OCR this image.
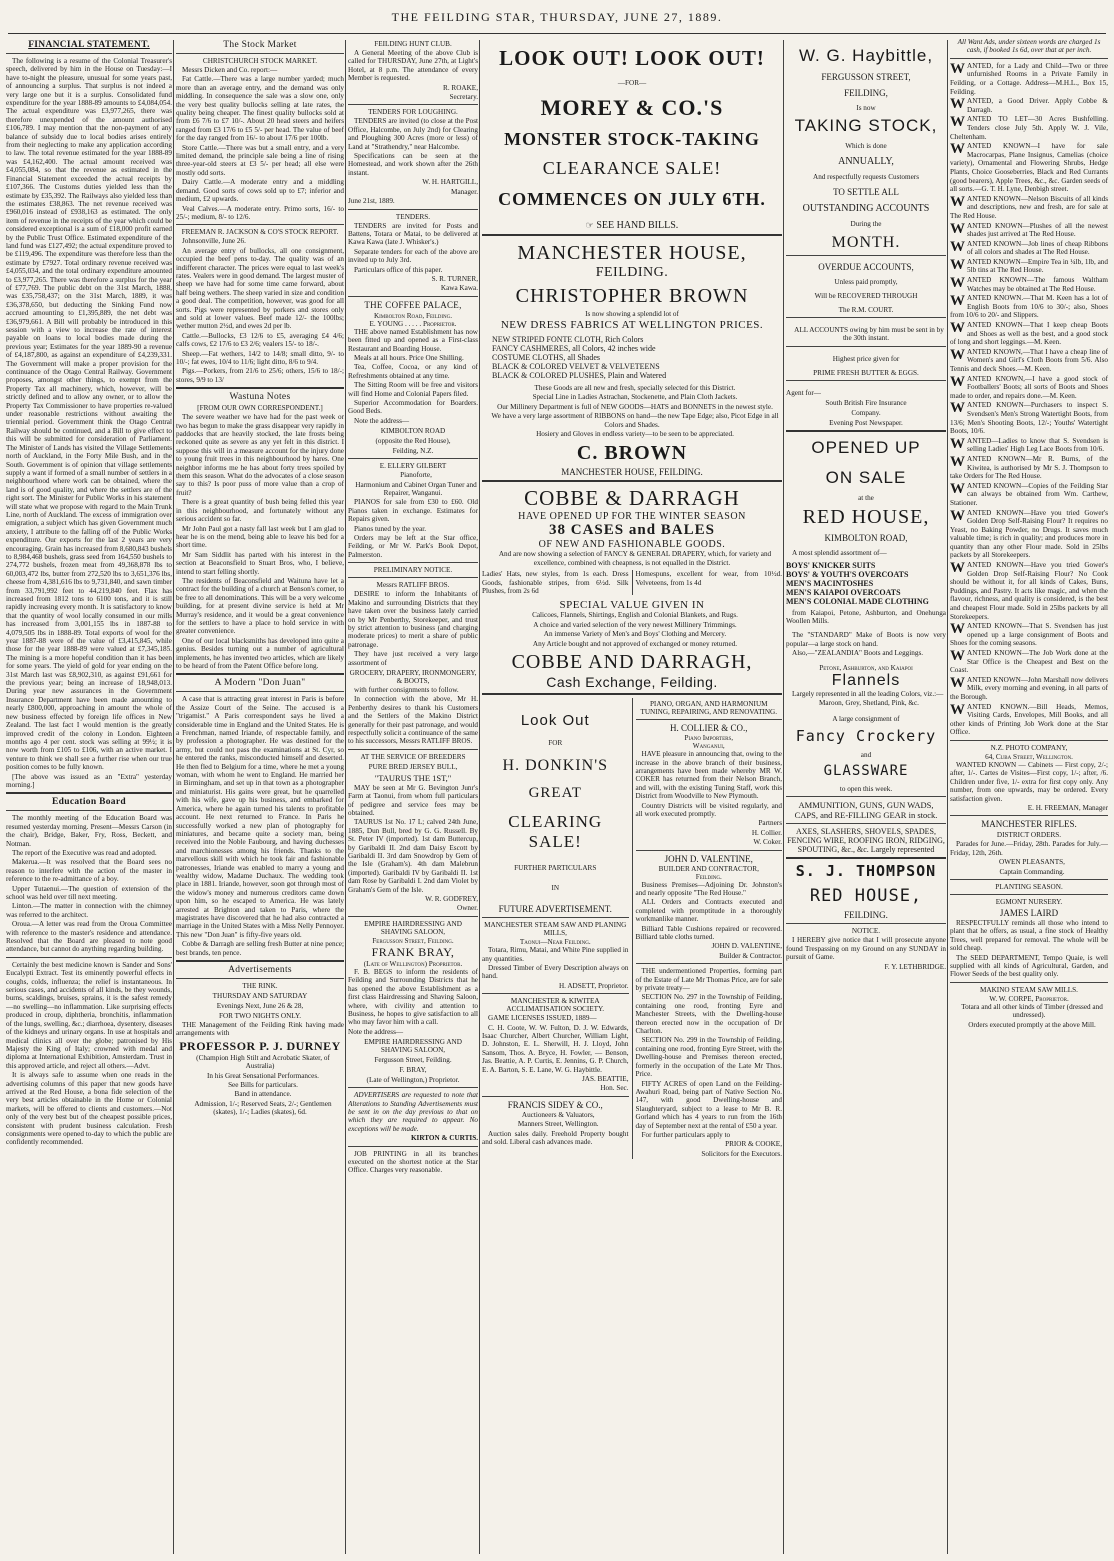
THE FEILDING STAR, THURSDAY, JUNE 27, 1889.
FINANCIAL STATEMENT.
The following is a resume of the Colonial Treasurer's speech, delivered by him in the House on Tuesday:—I have to-night the pleasure, unusual for some years past, of announcing a surplus. That surplus is not indeed a very large one but it is a surplus. Consolidated fund expenditure for the year 1888-89 amounts to £4,084,054. The actual expenditure was £3,977,265, there was therefore unexpended of the amount authorised £106,789. I may mention that the non-payment of any balance of subsidy due to local bodies arises entirely from their neglecting to make any application according to law. The total revenue estimated for the year 1888-89 was £4,162,400. The actual amount received was £4,055,084, so that the revenue as estimated in the Financial Statement exceeded the actual receipts by £107,366. The Customs duties yielded less than the estimate by £35,392. The Railways also yielded less than the estimates £38,863. The net revenue received was £960,016 instead of £938,163 as estimated. The only item of revenue in the receipts of the year which could be considered exceptional is a sum of £18,000 profit earned by the Public Trust Office. Estimated expenditure of the land fund was £127,492; the actual expenditure proved to be £119,496. The expenditure was therefore less than the estimate by £7927. Total ordinary revenue received was £4,055,034, and the total ordinary expenditure amounted to £3,977,265. There was therefore a surplus for the year of £77,769. The public debt on the 31st March, 1888, was £35,758,437; on the 31st March, 1889, it was £36,378,650, but deducting the Sinking Fund now accrued amounting to £1,395,889, the net debt was £36,979,661. A Bill will probably be introduced in this session with a view to increase the rate of interest payable on loans to local bodies made during the previous year; Estimates for the year 1889-90 a revenue of £4,187,800, as against an expenditure of £4,239,331. The Government will make a proper provision for the continuance of the Otago Central Railway. Government proposes, amongst other things, to exempt from the Property Tax all machinery, which, however, will be strictly defined and to allow any owner, or to allow the Property Tax Commissioner to have properties re-valued under reasonable restrictions without awaiting the triennial period. Government think the Otago Central Railway should be continued, and a Bill to give effect to this will be submitted for consideration of Parliament. The Minister of Lands has visited the Village Settlements north of Auckland, in the Forty Mile Bush, and in the South. Government is of opinion that village settlements supply a want if formed of a small number of settlers in a neighbourhood where work can be obtained, where the land is of good quality, and where the settlers are of the right sort. The Minister for Public Works in his statement will state what we propose with regard to the Main Trunk Line, north of Auckland. The excess of immigration over emigration, a subject which has given Government much anxiety, I attribute to the falling off of the Public Works expenditure. Our exports for the last 2 years are very encouraging. Grain has increased from 8,680,843 bushels to 8,984,468 bushels, grass seed from 164,550 bushels to 274,772 bushels, frozen meat from 49,368,878 lbs to 60,003,472 lbs, butter from 272,520 lbs to 3,651,376 lbs, cheese from 4,381,616 lbs to 9,731,840, and sawn timber from 33,791,992 feet to 44,219,840 feet. Flax has increased from 1812 tons to 6100 tons, and it is still rapidly increasing every month. It is satisfactory to know that the quantity of wool locally consumed in our mills has increased from 3,001,155 lbs in 1887-88 to 4,079,505 lbs in 1888-89. Total exports of wool for the year 1887-88 were of the value of £3,415,845, while those for the year 1888-89 were valued at £7,345,185. The mining is a more hopeful condition than it has been for some years. The yield of gold for year ending on the 31st March last was £8,902,310, as against £91,661 for the previous year; being an increase of 18,948,013. During year new assurances in the Government Insurance Department have been made amounting to nearly £800,000, approaching in amount the whole of new business effected by foreign life offices in New Zealand. The last fact I would mention is the greatly improved credit of the colony in London. Eighteen months ago 4 per cent. stock was selling at 99½; it is now worth from £105 to £106, with an active market. I venture to think we shall see a further rise when our true position comes to be fully known.
[The above was issued as an "Extra" yesterday morning.]
Education Board
The monthly meeting of the Education Board was resumed yesterday morning. Present—Messrs Carson (in the chair), Bridge, Baker, Fry, Ross, Beckett, and Notman.
The report of the Executive was read and adopted.
Makerua.—It was resolved that the Board sees no reason to interfere with the action of the master in reference to the re-admittance of a boy.
Upper Tutaenui.—The question of extension of the school was held over till next meeting.
Linton.—The matter in connection with the chimney was referred to the architect.
Oroua.—A letter was read from the Oroua Committee with reference to the master's residence and attendance. Resolved that the Board are pleased to note good attendance, but cannot do anything regarding building.
Certainly the best medicine known is Sander and Sons' Eucalypti Extract. Test its eminently powerful effects in coughs, colds, influenza; the relief is instantaneous. In serious cases, and accidents of all kinds, be they wounds, burns, scaldings, bruises, sprains, it is the safest remedy—no swelling—no inflammation. Like surprising effects produced in croup, diphtheria, bronchitis, inflammation of the lungs, swelling, &c.; diarrhoea, dysentery, diseases of the kidneys and urinary organs. In use at hospitals and medical clinics all over the globe; patronised by His Majesty the King of Italy; crowned with medal and diploma at International Exhibition, Amsterdam. Trust in this approved article, and reject all others.—Advt.
It is always safe to assume when one reads in the advertising columns of this paper that new goods have arrived at the Red House, a bona fide selection of the very best articles obtainable in the Home or Colonial markets, will be offered to clients and customers.—Not only of the very best but of the cheapest possible prices, consistent with prudent business calculation. Fresh consignments were opened to-day to which the public are confidently recommended.
The Stock Market
CHRISTCHURCH STOCK MARKET.
Messrs Dicken and Co. report:—
Fat Cattle.—There was a large number yarded; much more than an average entry, and the demand was only middling. In consequence the sale was a slow one, only the very best quality bullocks selling at late rates, the quality being cheaper. The finest quality bullocks sold at from £6 7/6 to £7 10/-. About 20 head steers and heifers ranged from £3 17/6 to £5 5/- per head. The value of beef for the day ranged from 16/- to about 17/6 per 100lb.
Store Cattle.—There was but a small entry, and a very limited demand, the principle sale being a line of rising three-year-old steers at £3 5/- per head; all else were mostly odd sorts.
Dairy Cattle.—A moderate entry and a middling demand. Good sorts of cows sold up to £7; inferior and medium, £2 upwards.
Veal Calves.—A moderate entry. Primo sorts, 16/- to 25/-; medium, 8/- to 12/6.
FREEMAN R. JACKSON & CO'S STOCK REPORT.
Johnsonville, June 26.
An average entry of bullocks, all one consignment, occupied the beef pens to-day. The quality was of an indifferent character. The prices were equal to last week's rates. Vealers were in good demand. The largest muster of sheep we have had for some time came forward, about half being wethers. The sheep varied in size and condition a good deal. The competition, however, was good for all sorts. Pigs were represented by porkers and stores only and sold at lower values. Beef made 12/- the 100lbs; wether mutton 2½d, and ewes 2d per lb.
Cattle.—Bullocks, £3 12/6 to £5, averaging £4 4/6; calfs cows, £2 17/6 to £3 2/6; vealers 15/- to 18/-.
Sheep.—Fat wethers, 14/2 to 14/8; small ditto, 9/- to 10/-; fat ewes, 10/4 to 11/6; light ditto, 8/6 to 9/4.
Pigs.—Porkers, from 21/6 to 25/6; others, 15/6 to 18/-; stores, 9/9 to 13/
Wastuna Notes
[FROM OUR OWN CORRESPONDENT.]
The severe weather we have had for the past week or two has begun to make the grass disappear very rapidly in paddocks that are heavily stocked, the late frosts being reckoned quite as severe as any yet felt in this district. I suppose this will in a measure account for the injury done to young fruit trees in this neighbourhood by hares. One neighbor informs me he has about forty trees spoiled by them this season. What do the advocates of a close season say to this? Is poor puss of more value than a crop of fruit?
There is a great quantity of bush being felled this year in this neighbourhood, and fortunately without any serious accident so far.
Mr John Paul got a nasty fall last week but I am glad to hear he is on the mend, being able to leave his bed for a short time.
Mr Sam Siddlit has parted with his interest in the section at Beaconsfield to Stuart Bros, who, I believe, intend to start felling shortly.
The residents of Beaconsfield and Waituna have let a contract for the building of a church at Benson's corner, to be free to all denominations. This will be a very welcome building, for at present divine service is held at Mr Murray's residence, and it would be a great convenience for the settlers to have a place to hold service in with greater convenience.
One of our local blacksmiths has developed into quite a genius. Besides turning out a number of agricultural implements, he has invented two articles, which are likely to be heard of from the Patent Office before long.
A Modern "Don Juan"
A case that is attracting great interest in Paris is before the Assize Court of the Seine. The accused is a "trigamist." A Paris correspondent says he lived a considerable time in England and the United States. He is a Frenchman, named Iriande, of respectable family, and by profession a photographer. He was destined for the army, but could not pass the examinations at St. Cyr, so he entered the ranks, misconducted himself and deserted. He then fled to Belgium for a time, where he met a young woman, with whom he went to England. He married her in Birmingham, and set up in that town as a photographer and miniaturist. His gains were great, but he quarrelled with his wife, gave up his business, and embarked for America, where he again turned his talents to profitable account. He next returned to France. In Paris he successfully worked a new plan of photography for miniatures, and became quite a society man, being received into the Noble Faubourg, and having duchesses and marchionesses among his friends. Thanks to the marvellous skill with which he took fair and fashionable patronesses, Iriande was enabled to marry a young and wealthy widow, Madame Duchaux. The wedding took place in 1881. Iriande, however, soon got through most of the widow's money and numerous creditors came down upon him, so he escaped to America. He was lately arrested at Brighton and taken to Paris, where the magistrates have discovered that he had also contracted a marriage in the United States with a Miss Nelly Pennoyer. This new "Don Juan" is fifty-five years old.
Cobbe & Darragh are selling fresh Butter at nine pence; best brands, ten pence.
Advertisements
THE RINK.
THURSDAY AND SATURDAY
Evenings Next, June 26 & 28,
FOR TWO NIGHTS ONLY.
THE Management of the Feilding Rink having made arrangements with
PROFESSOR P. J. DURNEY
(Champion High Stilt and Acrobatic Skater, of Australia)
In his Great Sensational Performances.
See Bills for particulars.
Band in attendance.
Admission, 1/-; Reserved Seats, 2/-; Gentlemen (skates), 1/-; Ladies (skates), 6d.
FEILDING HUNT CLUB.
A General Meeting of the above Club is called for THURSDAY, June 27th, at Light's Hotel, at 8 p.m. The attendance of every Member is requested.
R. ROAKE,
Secretary.
TENDERS FOR LOUGHING.
TENDERS are invited (to close at the Post Office, Halcombe, on July 2nd) for Clearing and Ploughing 300 Acres (more or less) of Land at "Strathendry," near Halcombe.
Specifications can be seen at the Homestead, and work shown after the 26th instant.
W. H. HARTGILL,
Manager.
June 21st, 1889.
TENDERS.
TENDERS are invited for Posts and Battens, Totara or Matai, to be delivered at Kawa Kawa (late J. Whisker's.)
Separate tenders for each of the above are invited up to July 3rd.
Particulars office of this paper.
S. R. TURNER,
Kawa Kawa.
THE COFFEE PALACE,
Kimbolton Road, Feilding.
E. YOUNG . . . . . Proprietor.
THE above named Establishment has now been fitted up and opened as a First-class Restaurant and Boarding House.
Meals at all hours. Price One Shilling.
Tea, Coffee, Cocoa, or any kind of Refreshments obtained at any time.
The Sitting Room will be free and visitors will find Home and Colonial Papers filed.
Superior Accommodation for Boarders. Good Beds.
Note the address—
KIMBOLTON ROAD
(opposite the Red House),
Feilding, N.Z.
E. ELLERY GILBERT
Pianoforte,
Harmonium and Cabinet Organ Tuner and Repairer, Wanganui.
PIANOS for sale from £30 to £60. Old Pianos taken in exchange. Estimates for Repairs given.
Pianos tuned by the year.
Orders may be left at the Star office, Feilding, or Mr W. Park's Book Depot, Palmerston.
PRELIMINARY NOTICE.
Messrs RATLIFF BROS.
DESIRE to inform the Inhabitants of Makino and surrounding Districts that they have taken over the business lately carried on by Mr Penberthy, Storekeeper, and trust by strict attention to business (and charging moderate prices) to merit a share of public patronage.
They have just received a very large assortment of
GROCERY, DRAPERY, IRONMONGERY, & BOOTS,
with further consignments to follow.
In connection with the above, Mr H. Penberthy desires to thank his Customers and the Settlers of the Makino District generally for their past patronage, and would respectfully solicit a continuance of the same to his successors, Messrs RATLIFF BROS.
AT THE SERVICE OF BREEDERS
PURE BRED JERSEY BULL,
"TAURUS THE 1ST,"
MAY be seen at Mr G. Bevington Junr's Farm at Taonui, from whom full particulars of pedigree and service fees may be obtained.
TAURUS 1st No. 17 L; calved 24th June, 1885, Dun Bull, bred by G. G. Russell. By St. Peter IV (imported). 1st dam Buttercup, by Garibaldi II. 2nd dam Daisy Escott by Garibaldi II. 3rd dam Snowdrop by Gem of the Isle (Graham's). 4th dam Malebrun (imported). Garibaldi IV by Garibaldi II. 1st dam Rose by Garibaldi I. 2nd dam Violet by Graham's Gem of the Isle.
W. R. GODFREY,
Owner.
EMPIRE HAIRDRESSING AND SHAVING SALOON,
Fergusson Street, Feilding.
FRANK BRAY,
(Late of Wellington) Proprietor.
F. B. BEGS to inform the residents of Feilding and Surrounding Districts that he has opened the above Establishment as a first class Hairdressing and Shaving Saloon, where, with civility and attention to Business, he hopes to give satisfaction to all who may favor him with a call.
Note the address—
EMPIRE HAIRDRESSING AND SHAVING SALOON,
Fergusson Street, Feilding.
F. BRAY,
(Late of Wellington,) Proprietor.
ADVERTISERS are requested to note that Alterations to Standing Advertisements must be sent in on the day previous to that on which they are required to appear. No exceptions will be made.
KIRTON & CURTIS.
JOB PRINTING in all its branches executed on the shortest notice at the Star Office. Charges very reasonable.
LOOK OUT! LOOK OUT!
—FOR—
MOREY & CO.'S
MONSTER STOCK-TAKING
CLEARANCE SALE!
COMMENCES ON JULY 6TH.
☞ SEE HAND BILLS.
MANCHESTER HOUSE,
FEILDING.
CHRISTOPHER BROWN
Is now showing a splendid lot of
NEW DRESS FABRICS AT WELLINGTON PRICES.
NEW STRIPED FONTE CLOTH, Rich Colors
FANCY CASHMERES, all Colors, 42 inches wide
COSTUME CLOTHS, all Shades
BLACK & COLORED VELVET & VELVETEENS
BLACK & COLORED PLUSHES, Plain and Watered
These Goods are all new and fresh, specially selected for this District.
Special Line in Ladies Astrachan, Stockenette, and Plain Cloth Jackets.
Our Millinery Department is full of NEW GOODS—HATS and BONNETS in the newest style.
We have a very large assortment of RIBBONS on hand—the new Tape Edge; also, Picot Edge in all Colors and Shades.
Hosiery and Gloves in endless variety—to be seen to be appreciated.
C. BROWN
MANCHESTER HOUSE, FEILDING.
COBBE & DARRAGH
HAVE OPENED UP FOR THE WINTER SEASON
38 CASES and BALES
OF NEW AND FASHIONABLE GOODS.
And are now showing a selection of FANCY & GENERAL DRAPERY, which, for variety and excellence, combined with cheapness, is not equalled in the District.
Ladies' Hats, new styles, from 1s each. Dress Goods, fashionable stripes, from 6½d. Silk Plushes, from 2s 6d
Homespuns, excellent for wear, from 10½d. Velveteens, from 1s 4d
SPECIAL VALUE GIVEN IN
Calicoes, Flannels, Shirtings, English and Colonial Blankets, and Rugs.
A choice and varied selection of the very newest Millinery Trimmings.
An immense Variety of Men's and Boys' Clothing and Mercery.
Any Article bought and not approved of exchanged or money returned.
COBBE AND DARRAGH,
Cash Exchange, Feilding.
Look Out
FOR
H. DONKIN'S
GREAT
CLEARING SALE!
FURTHER PARTICULARS
IN
FUTURE ADVERTISEMENT.
MANCHESTER STEAM SAW AND PLANING MILLS,
Taonui—Near Feilding.
Totara, Rimu, Matai, and White Pine supplied in any quantities.
Dressed Timber of Every Description always on hand.
H. ADSETT, Proprietor.
MANCHESTER & KIWITEA ACCLIMATISATION SOCIETY.
GAME LICENSES ISSUED, 1889—
C. H. Coote, W. W. Fulton, D. J. W. Edwards, Isaac Churcher, Albert Churcher, William Light, D. Johnston, E. L. Sherwill, H. J. Lloyd, John Sansom, Thos. A. Bryce, H. Fowler, — Benson, Jas. Beattie, A. P. Curtis, E. Jennins, G. P. Church, E. A. Barton, S. E. Lane, W. G. Haybittle.
JAS. BEATTIE,
Hon. Sec.
FRANCIS SIDEY & CO.,
Auctioneers & Valuators,
Manners Street, Wellington.
Auction sales daily. Freehold Property bought and sold. Liberal cash advances made.
PIANO, ORGAN, AND HARMONIUM TUNING, REPAIRING, AND RENOVATING.
H. COLLIER & CO.,
Piano Importers,
Wanganui,
HAVE pleasure in announcing that, owing to the increase in the above branch of their business, arrangements have been made whereby MR W. COKER has returned from their Nelson Branch, and will, with the existing Tuning Staff, work this District from Woodville to New Plymouth.
Country Districts will be visited regularly, and all work executed promptly.
Partners
H. Collier.
W. Coker.
JOHN D. VALENTINE,
BUILDER AND CONTRACTOR,
Feilding.
Business Premises—Adjoining Dr. Johnston's and nearly opposite "The Red House."
ALL Orders and Contracts executed and completed with promptitude in a thoroughly workmanlike manner.
Billiard Table Cushions repaired or recovered. Billiard table cloths turned.
JOHN D. VALENTINE,
Builder & Contractor.
THE undermentioned Properties, forming part of the Estate of Late Mr Thomas Price, are for sale by private treaty—
SECTION No. 297 in the Township of Feilding, containing one rood, fronting Eyre and Manchester Streets, with the Dwelling-house thereon erected now in the occupation of Dr Charlton.
SECTION No. 299 in the Township of Feilding, containing one rood, fronting Eyre Street, with the Dwelling-house and Premises thereon erected, formerly in the occupation of the Late Mr Thos. Price.
FIFTY ACRES of open Land on the Feilding-Awahuri Road, being part of Native Section No. 147, with good Dwelling-house and Slaughteryard, subject to a lease to Mr B. R. Gorland which has 4 years to run from the 16th day of September next at the rental of £50 a year.
For further particulars apply to
PRIOR & COOKE,
Solicitors for the Executors.
W. G. Haybittle,
FERGUSSON STREET,
FEILDING,
Is now
TAKING STOCK,
Which is done
ANNUALLY,
And respectfully requests Customers
TO SETTLE ALL
OUTSTANDING ACCOUNTS
During the
MONTH.
OVERDUE ACCOUNTS,
Unless paid promptly,
Will be RECOVERED THROUGH
The R.M. COURT.
ALL ACCOUNTS owing by him must be sent in by the 30th instant.
Highest price given for
PRIME FRESH BUTTER & EGGS.
Agent for—
South British Fire Insurance
Company.
Evening Post Newspaper.
OPENED UP
ON SALE
at the
RED HOUSE,
KIMBOLTON ROAD,
A most splendid assortment of—
BOYS' KNICKER SUITS
BOYS' & YOUTH'S OVERCOATS
MEN'S MACINTOSHES
MEN'S KAIAPOI OVERCOATS
MEN'S COLONIAL MADE CLOTHING
from Kaiapoi, Petone, Ashburton, and Onehunga Woollen Mills.
The "STANDARD" Make of Boots is now very popular—a large stock on hand.
Also,—"ZEALANDIA" Boots and Leggings.
Petone, Ashburton, and Kaiapoi
Flannels
Largely represented in all the leading Colors, viz.:—
Maroon, Grey, Shetland, Pink, &c.
A large consignment of
Fancy Crockery
and
GLASSWARE
to open this week.
AMMUNITION, GUNS, GUN WADS, CAPS, and RE-FILLING GEAR in stock.
AXES, SLASHERS, SHOVELS, SPADES, FENCING WIRE, ROOFING IRON, RIDGING, SPOUTING, &c., &c. Largely represented
S. J. THOMPSON
RED HOUSE,
FEILDING.
NOTICE.
I HEREBY give notice that I will prosecute anyone found Trespassing on my Ground on any SUNDAY in pursuit of Game.
F. Y. LETHBRIDGE.
All Want Ads, under sixteen words are charged 1s cash, if booked 1s 6d, over that at per inch.
WANTED, for a Lady and Child—Two or three unfurnished Rooms in a Private Family in Feilding, or a Cottage. Address—M.H.L., Box 15, Feilding.
WANTED, a Good Driver. Apply Cobbe & Darragh.
WANTED TO LET—30 Acres Bushfelling. Tenders close July 5th. Apply W. J. Vile, Cheltenham.
WANTED KNOWN—I have for sale Macrocarpas, Plane Insignus, Camelias (choice variety), Ornamental and Flowering Shrubs, Hedge Plants, Choice Gooseberries, Black and Red Currants (good bearers), Apple Trees, &c., &c. Garden seeds of all sorts.—G. T. H. Lyne, Denbigh street.
WANTED KNOWN—Nelson Biscuits of all kinds and descriptions, new and fresh, are for sale at The Red House.
WANTED KNOWN—Plushes of all the newest shades just arrived at The Red House.
WANTED KNOWN—Job lines of cheap Ribbons of all colors and shades at The Red House.
WANTED KNOWN—Empire Tea in ¼lb, 1lb, and 5lb tins at The Red House.
WANTED KNOWN—The famous Waltham Watches may be obtained at The Red House.
WANTED KNOWN.—That M. Keen has a lot of English Boots from 10/6 to 30/-; also, Shoes from 10/6 to 20/- and Slippers.
WANTED KNOWN—That I keep cheap Boots and Shoes as well as the best, and a good stock of long and short leggings.—M. Keen.
WANTED KNOWN,—That I have a cheap line of Women's and Girl's Cloth Boots from 5/6. Also Tennis and deck Shoes.—M. Keen.
WANTED KNOWN,—I have a good stock of Footballers' Boots; all sorts of Boots and Shoes made to order, and repairs done.—M. Keen.
WANTED KNOWN—Purchasers to inspect S. Svendsen's Men's Strong Watertight Boots, from 13/6; Men's Shooting Boots, 12/-; Youths' Watertight Boots, 10/6.
WANTED—Ladies to know that S. Svendsen is selling Ladies' High Leg Lace Boots from 10/6.
WANTED KNOWN—Mr R. Burns, of the Kiwitea, is authorised by Mr S. J. Thompson to take Orders for The Red House.
WANTED KNOWN—Copies of the Feilding Star can always be obtained from Wm. Carthew, Stationer.
WANTED KNOWN—Have you tried Gower's Golden Drop Self-Raising Flour? It requires no Yeast, no Baking Powder, no Drugs. It saves much valuable time; is rich in quality; and produces more in quantity than any other Flour made. Sold in 25lbs packets by all Storekeepers.
WANTED KNOWN—Have you tried Gower's Golden Drop Self-Raising Flour? No Cook should be without it, for all kinds of Cakes, Buns, Puddings, and Pastry. It acts like magic, and when the flavour, richness, and quality is considered, is the best and cheapest Flour made. Sold in 25lbs packets by all Storekeepers.
WANTED KNOWN—That S. Svendsen has just opened up a large consignment of Boots and Shoes for the coming seasons.
WANTED KNOWN—The Job Work done at the Star Office is the Cheapest and Best on the Coast.
WANTED KNOWN—John Marshall now delivers Milk, every morning and evening, in all parts of the Borough.
WANTED KNOWN.—Bill Heads, Memos, Visiting Cards, Envelopes, Mill Books, and all other kinds of Printing Job Work done at the Star Office.
N.Z. PHOTO COMPANY,
64, Cuba Street, Wellington.
WANTED KNOWN — Cabinets — First copy, 2/-; after, 1/-. Cartes de Visites—First copy, 1/-; after, /6. Children under five, 1/- extra for first copy only. Any number, from one upwards, may be ordered. Every satisfaction given.
E. H. FREEMAN, Manager
MANCHESTER RIFLES.
DISTRICT ORDERS.
Parades for June.—Friday, 28th. Parades for July.—Friday, 12th, 26th.
OWEN PLEASANTS,
Captain Commanding.
PLANTING SEASON.
EGMONT NURSERY.
JAMES LAIRD
RESPECTFULLY reminds all those who intend to plant that he offers, as usual, a fine stock of Healthy Trees, well prepared for removal. The whole will be sold cheap.
The SEED DEPARTMENT, Tempo Quaie, is well supplied with all kinds of Agricultural, Garden, and Flower Seeds of the best quality only.
MAKINO STEAM SAW MILLS.
W. W. CORPE, Proprietor.
Totara and all other kinds of Timber (dressed and undressed).
Orders executed promptly at the above Mill.
